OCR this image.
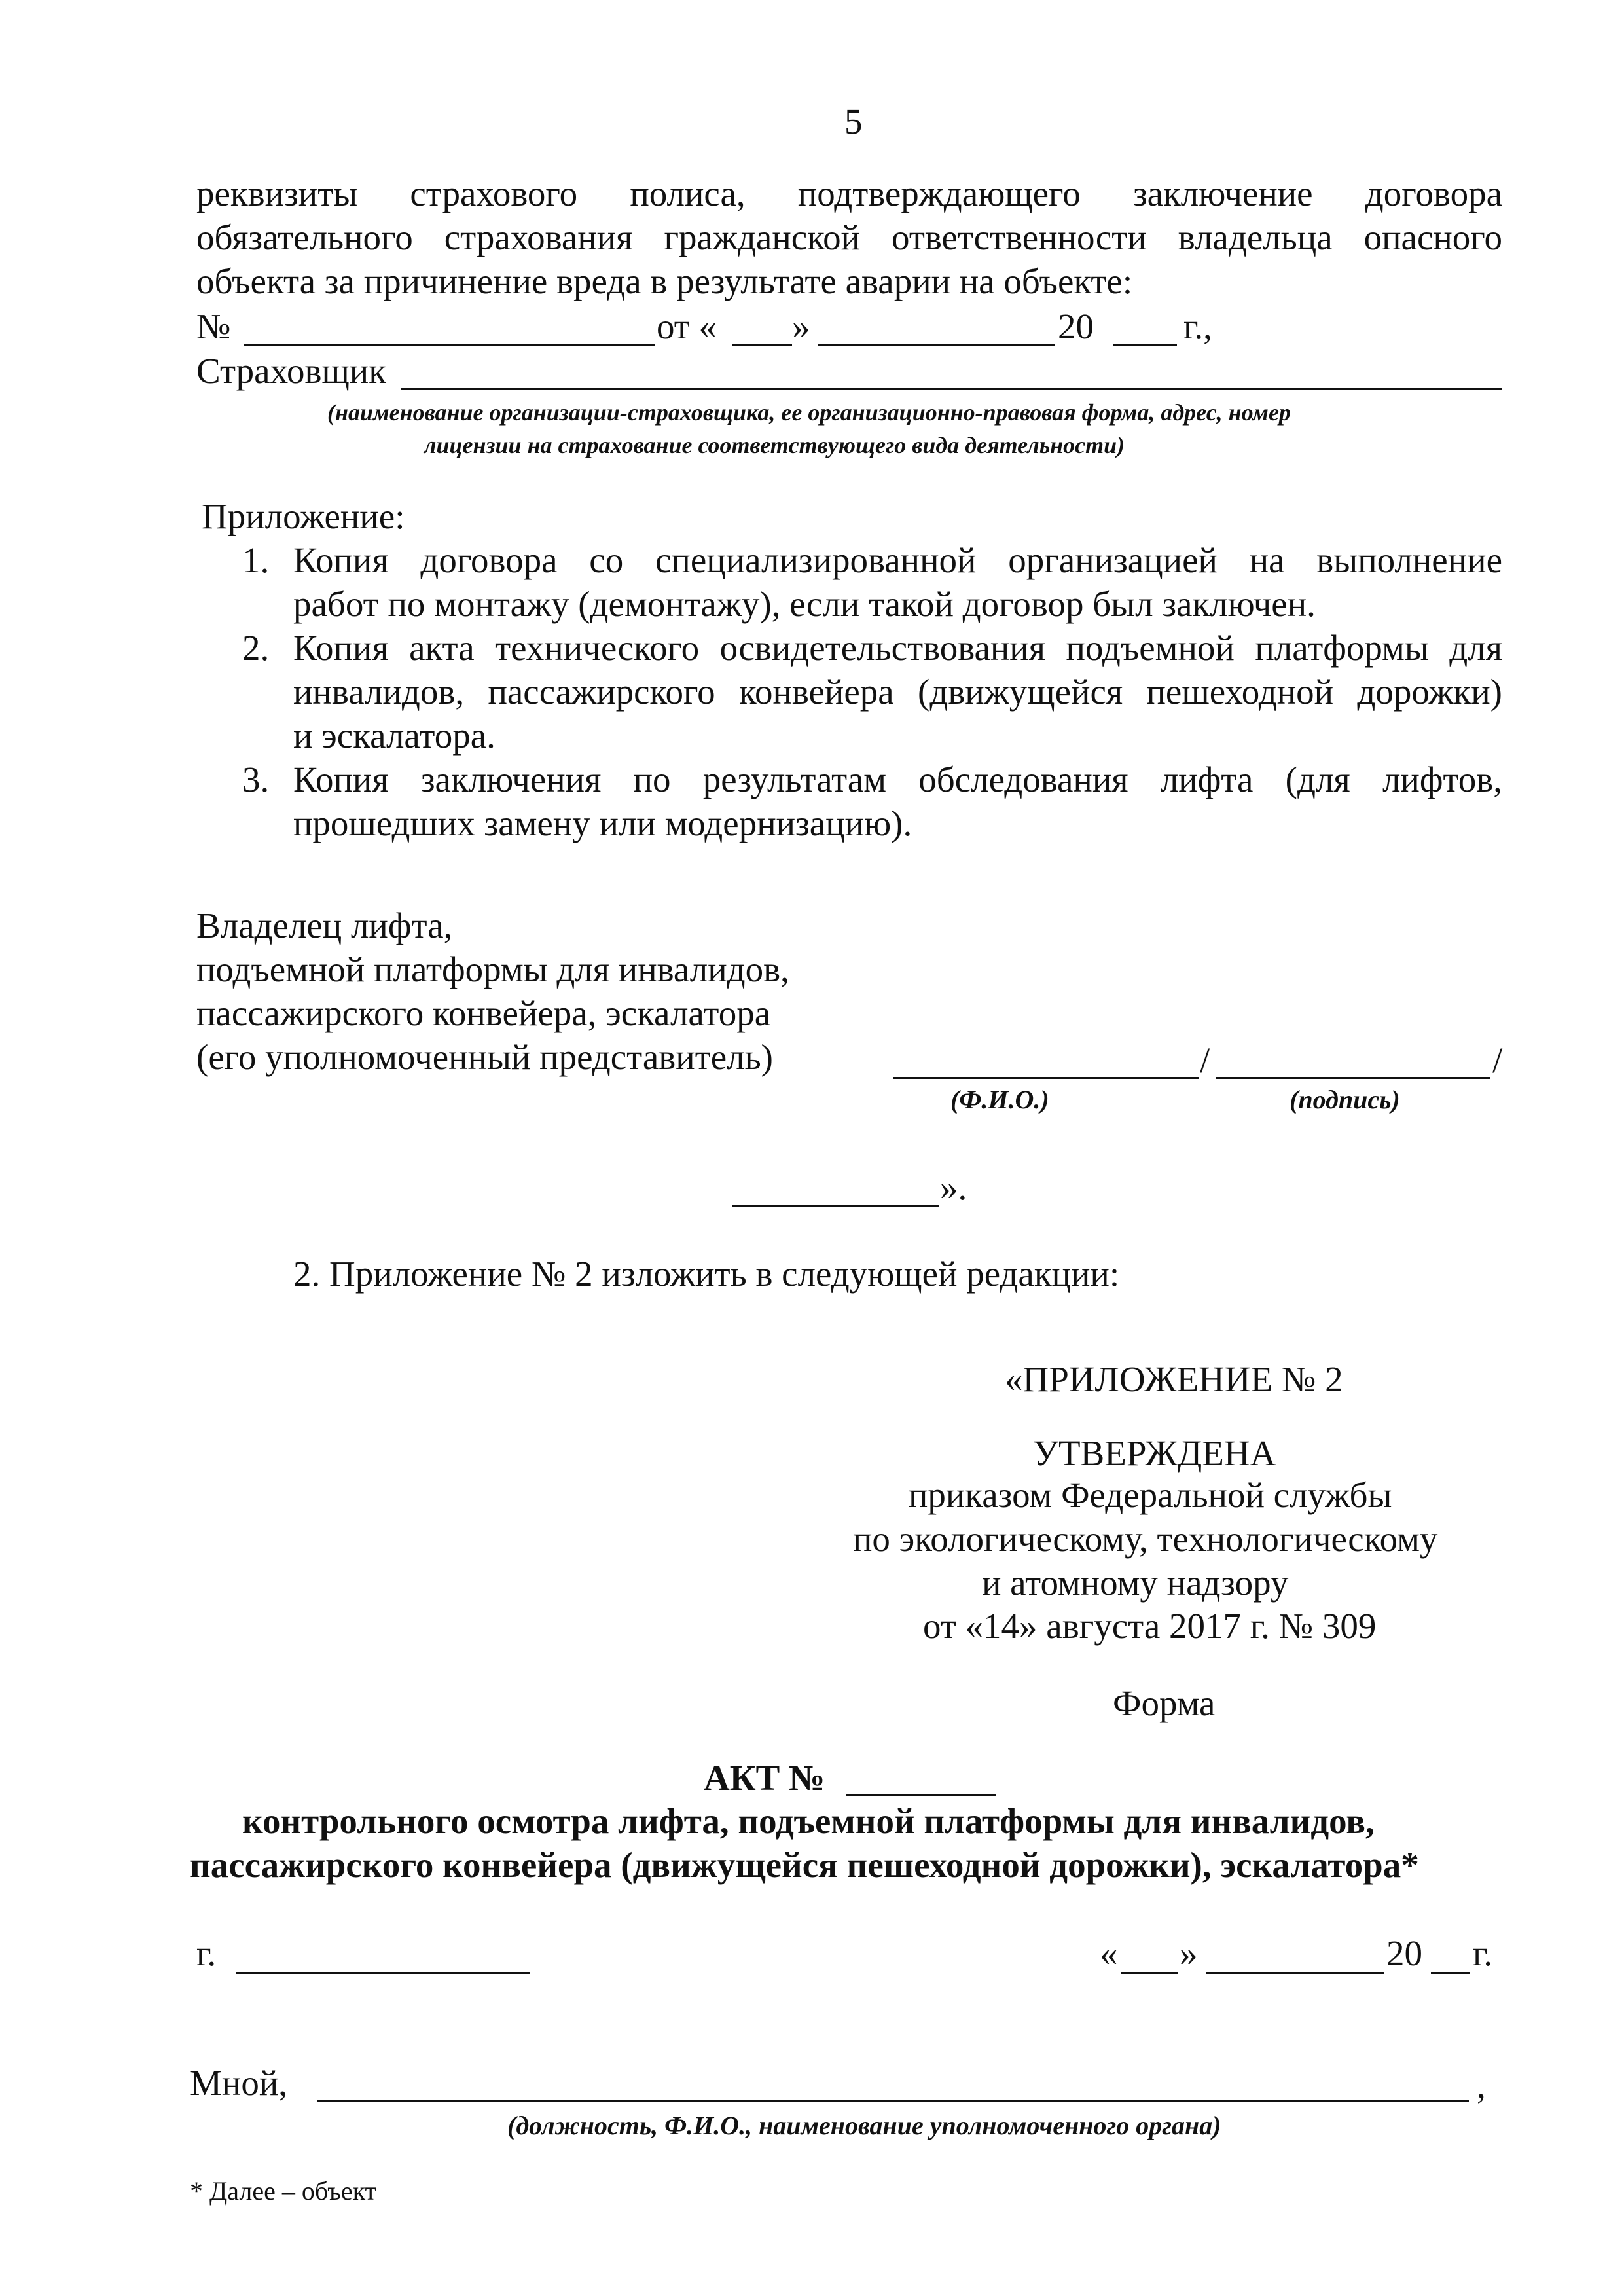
5
реквизиты страхового полиса, подтверждающего заключение договора
обязательного страхования гражданской ответственности владельца опасного
объекта за причинение вреда в результате аварии на объекте:
№	от « »	20 г.,
Страховщик
(наименование организации-страховщика, ее организационно-правовая форма, адрес, номер
лицензии на страхование соответствующего вида деятельности)
Приложение:
1. Копия договора со специализированной организацией на выполнение
работ по монтажу (демонтажу), если такой договор был заключен.
2. Копия акта технического освидетельствования подъемной платформы для
инвалидов, пассажирского конвейера (движущейся пешеходной дорожки)
и эскалатора.
3. Копия заключения по результатам обследования лифта (для лифтов,
прошедших замену или модернизацию).
Владелец лифта,
подъемной платформы для инвалидов,
пассажирского конвейера, эскалатора
(его уполномоченный представитель)	/	/
(Ф.И.О.)	(подпись)
».
2. Приложение № 2 изложить в следующей редакции:
«ПРИЛОЖЕНИЕ № 2
УТВЕРЖДЕНА
приказом Федеральной службы
по экологическому, технологическому
и атомному надзору
от «14» августа 2017 г. № 309
Форма
АКТ №
контрольного осмотра лифта, подъемной платформы для инвалидов,
пассажирского конвейера (движущейся пешеходной дорожки), эскалатора*
г.	« »	20 г.
Мной,	,
(должность, Ф.И.О., наименование уполномоченного органа)
* Далее – объект
